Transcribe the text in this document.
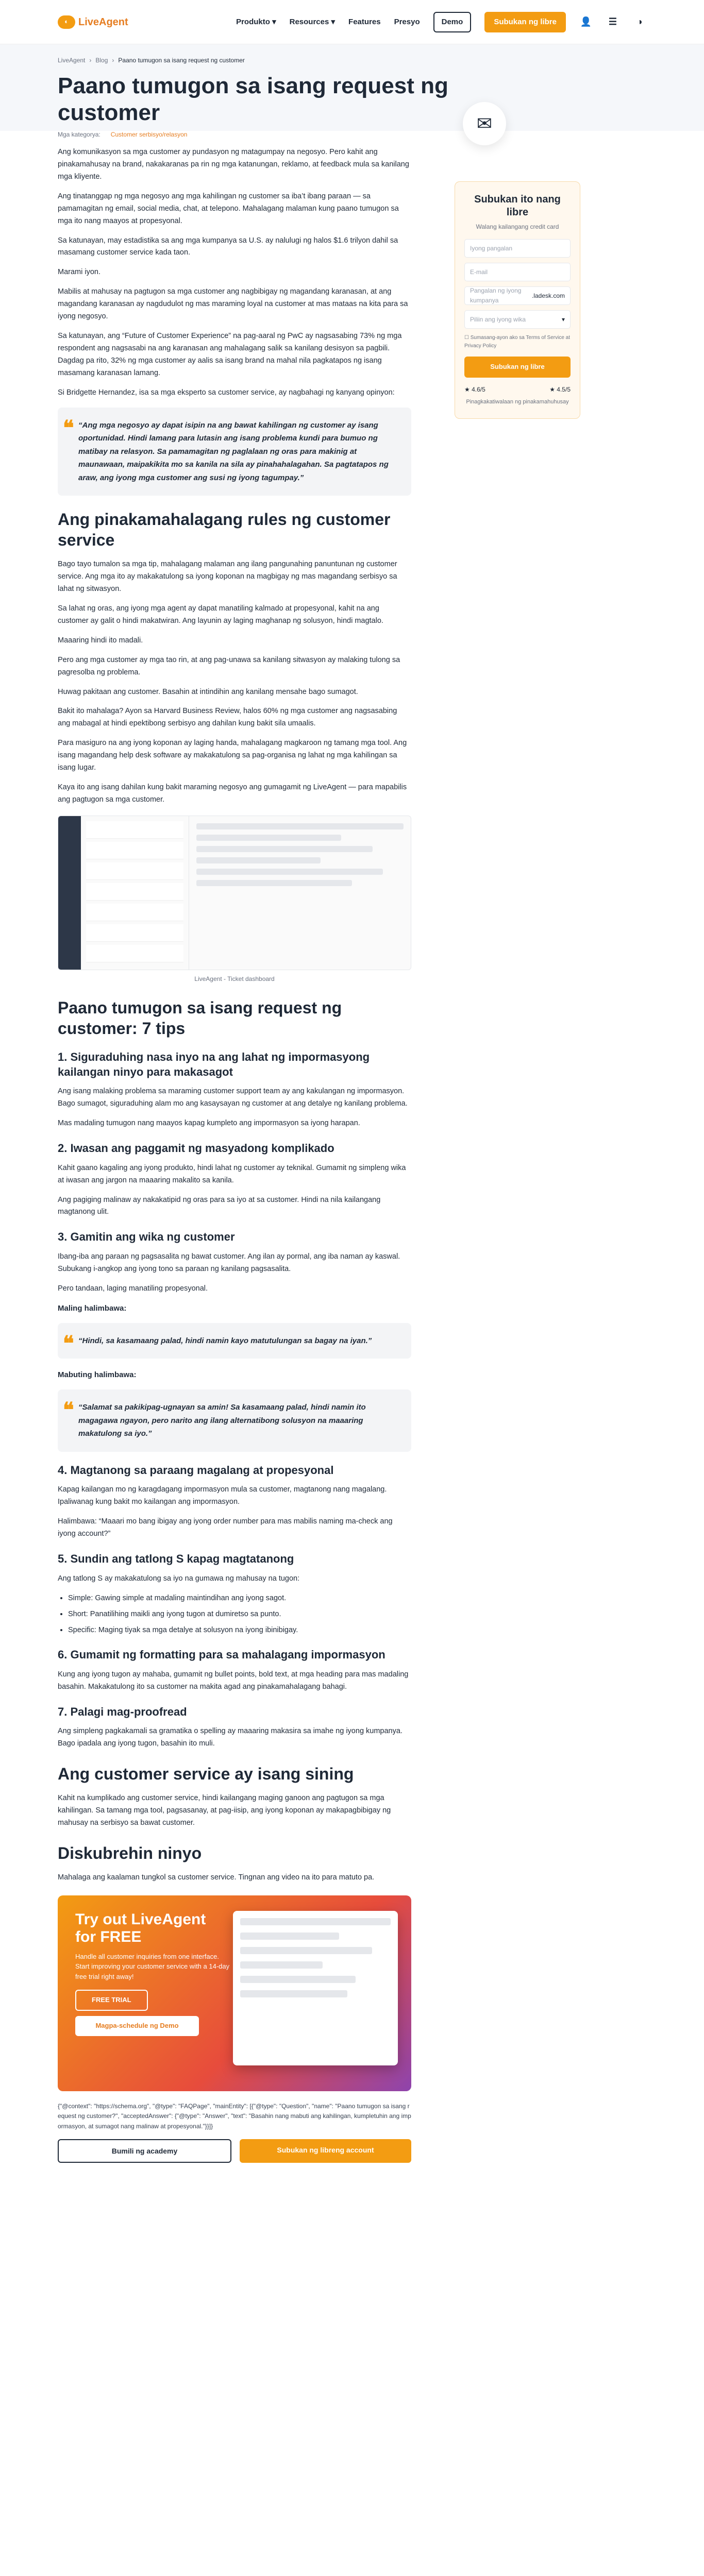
◐ LiveAgent	Produkto ▾ Resources ▾ Features Presyo	Demo	Subukan ng libre	👤 ☰	◑
LiveAgent › Blog › Paano tumugon sa isang request ng customer
Paano tumugon sa isang request ng customer	✉
Mga kategorya: Customer serbisyo/relasyon

Ang komunikasyon sa mga customer ay pundasyon ng matagumpay na negosyo. Pero kahit ang pinakamahusay na brand, nakakaranas pa rin ng mga katanungan, reklamo, at feedback mula sa kanilang mga kliyente.

Ang tinatanggap ng mga negosyo ang mga kahilingan ng customer sa iba’t ibang paraan — sa pamamagitan ng email, social media, chat, at telepono. Mahalagang malaman kung paano tumugon sa mga ito nang maayos at propesyonal.

Sa katunayan, may estadistika sa ang mga kumpanya sa U.S. ay nalulugi ng halos $1.6 trilyon dahil sa masamang customer service kada taon.

Marami iyon.

Mabilis at mahusay na pagtugon sa mga customer ang nagbibigay ng magandang karanasan, at ang magandang karanasan ay nagdudulot ng mas maraming loyal na customer at mas mataas na kita para sa iyong negosyo.

Sa katunayan, ang “Future of Customer Experience” na pag-aaral ng PwC ay nagsasabing 73% ng mga respondent ang nagsasabi na ang karanasan ang mahalagang salik sa kanilang desisyon sa pagbili. Dagdag pa rito, 32% ng mga customer ay aalis sa isang brand na mahal nila pagkatapos ng isang masamang karanasan lamang.

Si Bridgette Hernandez, isa sa mga eksperto sa customer service, ay nagbahagi ng kanyang opinyon:

❝ “Ang mga negosyo ay dapat isipin na ang bawat kahilingan ng customer ay isang oportunidad. Hindi lamang para lutasin ang isang problema kundi para bumuo ng matibay na relasyon. Sa pamamagitan ng paglalaan ng oras para makinig at maunawaan, maipakikita mo sa kanila na sila ay pinahahalagahan. Sa pagtatapos ng araw, ang iyong mga customer ang susi ng iyong tagumpay.”
Ang pinakamahalagang rules ng customer service

Bago tayo tumalon sa mga tip, mahalagang malaman ang ilang pangunahing panuntunan ng customer service. Ang mga ito ay makakatulong sa iyong koponan na magbigay ng mas magandang serbisyo sa lahat ng sitwasyon.

Sa lahat ng oras, ang iyong mga agent ay dapat manatiling kalmado at propesyonal, kahit na ang customer ay galit o hindi makatwiran. Ang layunin ay laging maghanap ng solusyon, hindi magtalo.

Maaaring hindi ito madali.

Pero ang mga customer ay mga tao rin, at ang pag-unawa sa kanilang sitwasyon ay malaking tulong sa pagresolba ng problema.

Huwag pakitaan ang customer. Basahin at intindihin ang kanilang mensahe bago sumagot.

Bakit ito mahalaga? Ayon sa Harvard Business Review, halos 60% ng mga customer ang nagsasabing ang mabagal at hindi epektibong serbisyo ang dahilan kung bakit sila umaalis.

Para masiguro na ang iyong koponan ay laging handa, mahalagang magkaroon ng tamang mga tool. Ang isang magandang help desk software ay makakatulong sa pag-organisa ng lahat ng mga kahilingan sa isang lugar.

Kaya ito ang isang dahilan kung bakit maraming negosyo ang gumagamit ng LiveAgent — para mapabilis ang pagtugon sa mga customer.

LiveAgent - Ticket dashboard
Paano tumugon sa isang request ng customer: 7 tips
1. Siguraduhing nasa inyo na ang lahat ng impormasyong kailangan ninyo para makasagot

Ang isang malaking problema sa maraming customer support team ay ang kakulangan ng impormasyon. Bago sumagot, siguraduhing alam mo ang kasaysayan ng customer at ang detalye ng kanilang problema.

Mas madaling tumugon nang maayos kapag kumpleto ang impormasyon sa iyong harapan.

2. Iwasan ang paggamit ng masyadong komplikado

Kahit gaano kagaling ang iyong produkto, hindi lahat ng customer ay teknikal. Gumamit ng simpleng wika at iwasan ang jargon na maaaring makalito sa kanila.

Ang pagiging malinaw ay nakakatipid ng oras para sa iyo at sa customer. Hindi na nila kailangang magtanong ulit.

3. Gamitin ang wika ng customer

Ibang-iba ang paraan ng pagsasalita ng bawat customer. Ang ilan ay pormal, ang iba naman ay kaswal. Subukang i-angkop ang iyong tono sa paraan ng kanilang pagsasalita.

Pero tandaan, laging manatiling propesyonal.

Maling halimbawa:
❝ “Hindi, sa kasamaang palad, hindi namin kayo matutulungan sa bagay na iyan.”
Mabuting halimbawa:
❝ “Salamat sa pakikipag-ugnayan sa amin! Sa kasamaang palad, hindi namin ito magagawa ngayon, pero narito ang ilang alternatibong solusyon na maaaring makatulong sa iyo.”
4. Magtanong sa paraang magalang at propesyonal

Kapag kailangan mo ng karagdagang impormasyon mula sa customer, magtanong nang magalang. Ipaliwanag kung bakit mo kailangan ang impormasyon.

Halimbawa: “Maaari mo bang ibigay ang iyong order number para mas mabilis naming ma-check ang iyong account?”

5. Sundin ang tatlong S kapag magtatanong

Ang tatlong S ay makakatulong sa iyo na gumawa ng mahusay na tugon:

• Simple: Gawing simple at madaling maintindihan ang iyong sagot.
• Short: Panatilihing maikli ang iyong tugon at dumiretso sa punto.
• Specific: Maging tiyak sa mga detalye at solusyon na iyong ibinibigay.
6. Gumamit ng formatting para sa mahalagang impormasyon

Kung ang iyong tugon ay mahaba, gumamit ng bullet points, bold text, at mga heading para mas madaling basahin. Makakatulong ito sa customer na makita agad ang pinakamahalagang bahagi.

7. Palagi mag-proofread

Ang simpleng pagkakamali sa gramatika o spelling ay maaaring makasira sa imahe ng iyong kumpanya. Bago ipadala ang iyong tugon, basahin ito muli.

Ang customer service ay isang sining

Kahit na kumplikado ang customer service, hindi kailangang maging ganoon ang pagtugon sa mga kahilingan. Sa tamang mga tool, pagsasanay, at pag-iisip, ang iyong koponan ay makapagbibigay ng mahusay na serbisyo sa bawat customer.

Diskubrehin ninyo

Mahalaga ang kaalaman tungkol sa customer service. Tingnan ang video na ito para matuto pa.

Try out LiveAgent for FREE

Handle all customer inquiries from one interface. Start improving your customer service with a 14-day free trial right away!

FREE TRIAL
Magpa-schedule ng Demo

{"@context": "https://schema.org", "@type": "FAQPage", "mainEntity": [{"@type": "Question", "name": "Paano tumugon sa isang request ng customer?", "acceptedAnswer": {"@type": "Answer", "text": "Basahin nang mabuti ang kahilingan, kumpletuhin ang impormasyon, at sumagot nang malinaw at propesyonal."}}]}

Bumili ng academy	Subukan ng libreng account
Subukan ito nang libre
Walang kailangang credit card
Iyong pangalan
E-mail
Pangalan ng iyong kumpanya
.ladesk.com
Piliin ang iyong wika	▾
☐ Sumasang-ayon ako sa Terms of Service at Privacy Policy
Subukan ng libre
★ 4.6/5	★ 4.5/5
Pinagkakatiwalaan ng pinakamahuhusay
